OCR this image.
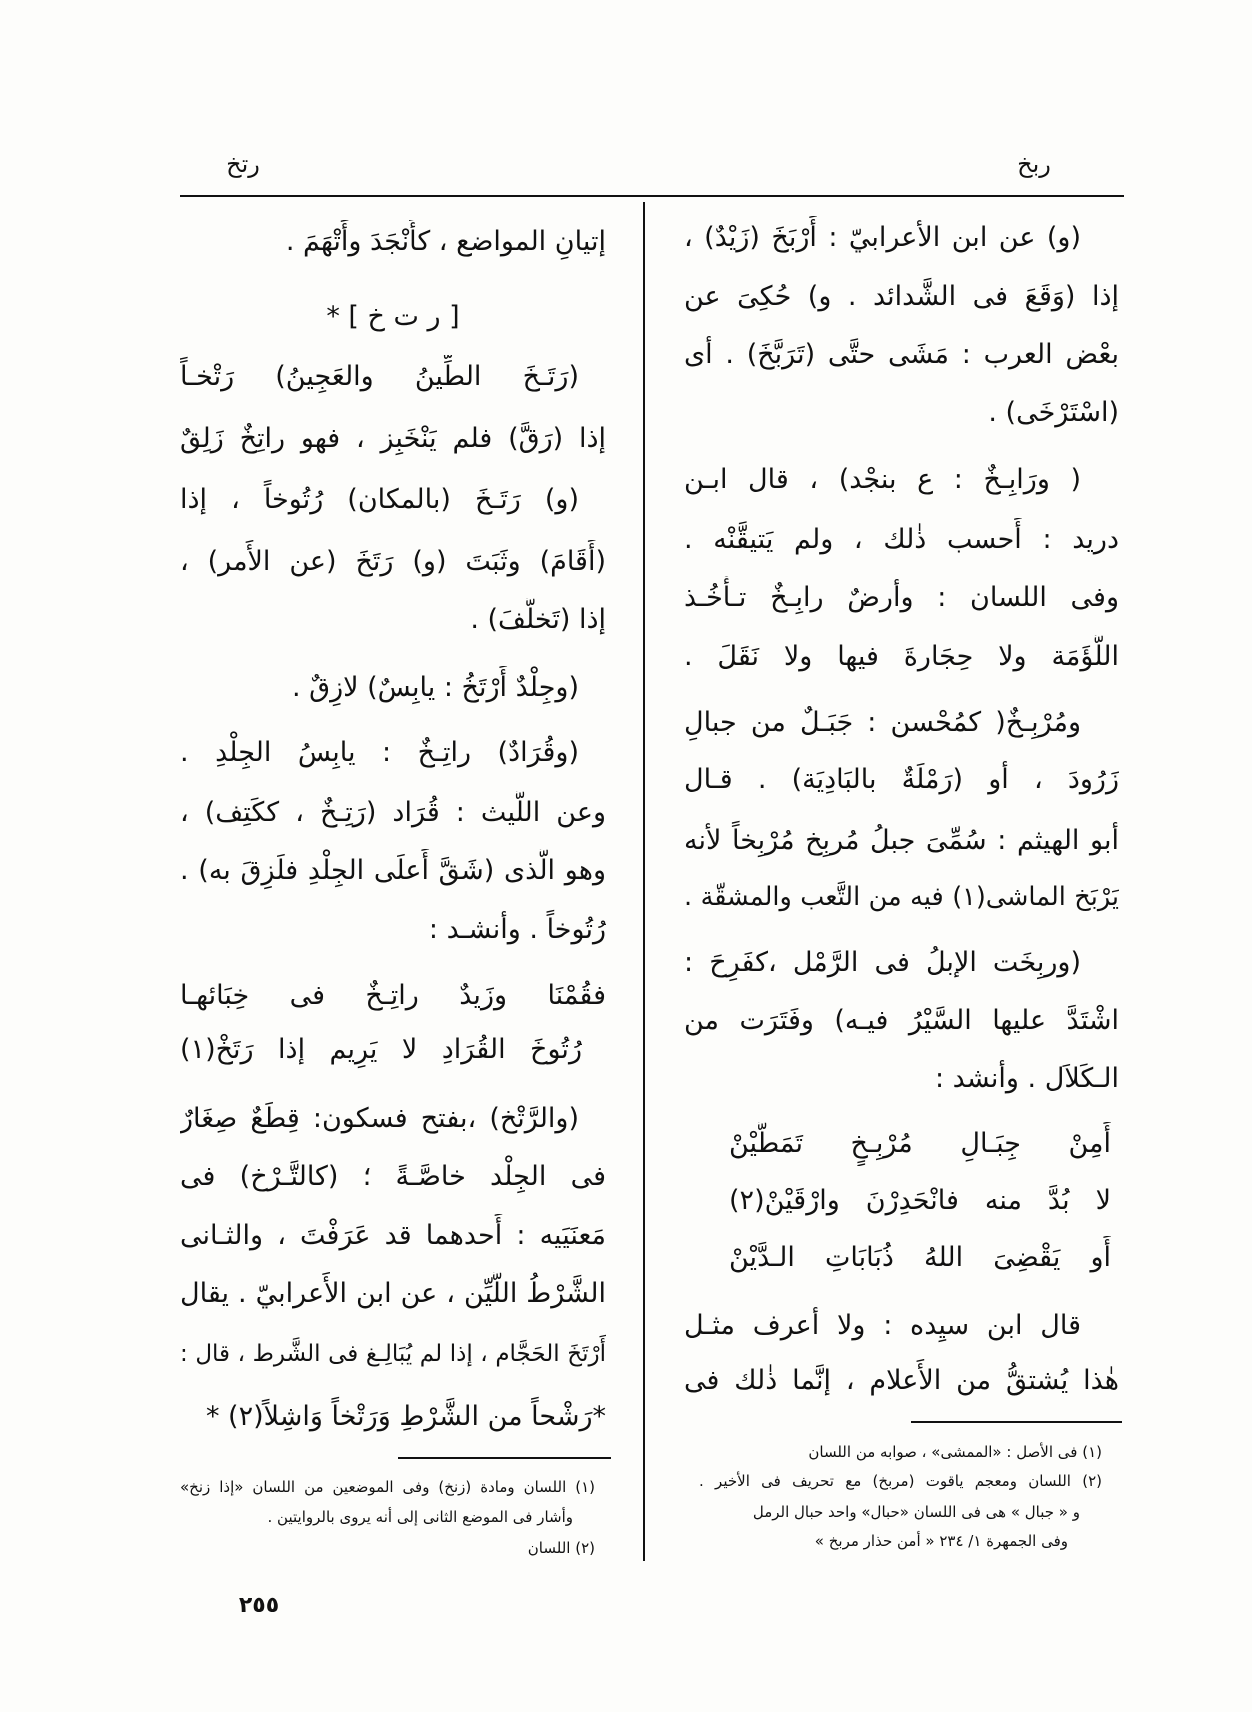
رتخ	ربخ
(و) عن ابن الأعرابيّ : أَرْبَخَ (زَيْدٌ) ،
إذا (وَقَعَ فى الشَّدائد . و) حُكِىَ عن
بعْض العرب : مَشَى حتَّى (تَرَبَّخَ) . أى
(اسْتَرْخَى) .
( ورَابِـخٌ : ع بنجْد) ، قال ابـن
دريد : أَحسب ذٰلك ، ولم يَتيقَّنْه .
وفى اللسان : وأرضٌ رابِـخٌ تـأْخُـذ
اللُّؤَمَة ولا حِجَارةَ فيها ولا نَقَلَ .
ومُرْبِـخٌ( كمُحْسن : جَبَـلٌ من جبالِ
زَرُودَ ، أو (رَمْلَةٌ بالبَادِيَة) . قـال
أبو الهيثم : سُمِّىَ جبلُ مُربِخ مُرْبِخاً لأنه
يَرْبَخ الماشى(١) فيه من التَّعب والمشقّة .
(وربِخَت الإبلُ فى الرَّمْل ،كفَرِحَ :
اشْتَدَّ عليها السَّيْرُ فيـه) وفَتَرَت من
الـكَلاَل . وأنشد :
أَمِنْ جِبَـالِ مُرْبِـخٍ تَمَطَّيْنْ
لا بُدَّ منه فانْحَدِرْنَ وارْقَيْنْ(٢)
أَو يَقْضِىَ اللهُ ذُبَابَاتِ الـدَّيْنْ
قال ابن سيِده : ولا أعرف مثـل
هٰذا يُشتقُّ من الأَعلام ، إنَّما ذٰلك فى
(١) فى الأصل : «الممشى» ، صوابه من اللسان
(٢) اللسان ومعجم ياقوت (مربخ) مع تحريف فى الأخير .
و « جبال » هى فى اللسان «حبال» واحد حبال الرمل
وفى الجمهرة ١/ ٢٣٤ « أمن حذار مربخ »
إتيانِ المواضع ، كأَنْجَدَ وأَتْهَمَ .
[ ر ت خ ] *
(رَتَـخَ الطِّينُ والعَجِينُ) رَتْخـاً
إذا (رَقَّ) فلم يَنْخَبِز ، فهو راتِخٌ زَلِقٌ
(و) رَتَـخَ (بالمكان) رُتُوخاً ، إذا
(أَقَامَ) وثَبَتَ (و) رَتَخَ (عن الأَمر) ،
إذا (تَخلَّفَ) .
(وجِلْدٌ أَرْتَخُ : يابِسٌ) لازِقٌ .
(وقُرَادٌ) راتِـخٌ : يابِسُ الجِلْدِ .
وعن اللَّيث : قُرَاد (رَتِـخٌ ، ككَتِف) ،
وهو الَّذى (شَقَّ أَعلَى الجِلْدِ فلَزِقَ به) .
رُتُوخاً . وأنشـد :
فقُمْنَا وزَيدٌ راتِـخٌ فى خِبَائهـا
رُتُوخَ القُرَادِ لا يَرِيم إذا رَتَخْ(١)
(والرَّتْخ) ،بفتح فسكون: قِطَعٌ صِغَارٌ
فى الجِلْد خاصَّـةً ؛ (كالتَّـرْخ) فى
مَعنَيَيه : أَحدهما قد عَرَفْتَ ، والثـانى
الشَّرْطُ اللَّيِّن ، عن ابن الأَعرابيّ . يقال
أَرْتَخَ الحَجَّام ، إذا لم يُبَالِـغ فى الشَّرط ، قال :
*رَشْحاً من الشَّرْطِ وَرَتْخاً وَاشِلاً(٢) *
(١) اللسان ومادة (زنخ) وفى الموضعين من اللسان «إذا زنخ»
وأشار فى الموضع الثانى إلى أنه يروى بالروايتين .
(٢) اللسان
٢٥٥
